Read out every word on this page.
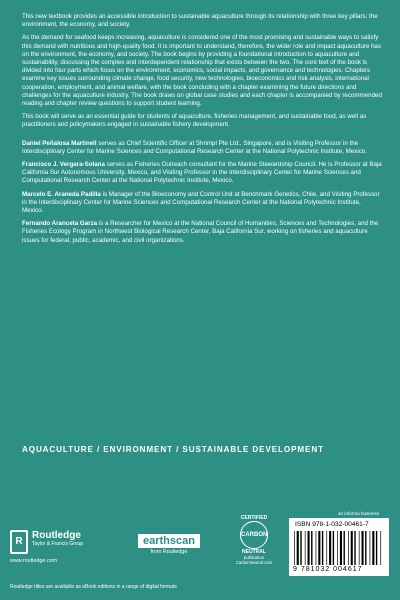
This new textbook provides an accessible introduction to sustainable aquaculture through its relationship with three key pillars: the environment, the economy, and society.

As the demand for seafood keeps increasing, aquaculture is considered one of the most promising and sustainable ways to satisfy this demand with nutritious and high-quality food. It is important to understand, therefore, the wider role and impact aquaculture has on the environment, the economy, and society. The book begins by providing a foundational introduction to aquaculture and sustainability, discussing the complex and interdependent relationship that exists between the two. The core text of the book is divided into four parts which focus on the environment, economics, social impacts, and governance and technologies. Chapters examine key issues surrounding climate change, food security, new technologies, bioeconomics and risk analysis, international cooperation, employment, and animal welfare, with the book concluding with a chapter examining the future directions and challenges for the aquaculture industry. The book draws on global case studies and each chapter is accompanied by recommended reading and chapter review questions to support student learning.

This book will serve as an essential guide for students of aquaculture, fisheries management, and sustainable food, as well as practitioners and policymakers engaged in sustainable fishery development.

Daniel Peñalosa Martinell serves as Chief Scientific Officer at Shrimpl Pte Ltd., Singapore, and is Visiting Professor in the Interdisciplinary Center for Marine Sciences and Computational Research Center at the National Polytechnic Institute, Mexico.
Francisco J. Vergara-Solana serves as Fisheries Outreach consultant for the Marine Stewardship Council. He is Professor at Baja California Sur Autonomous University, Mexico, and Visiting Professor in the Interdisciplinary Center for Marine Sciences and Computational Research Center at the National Polytechnic Institute, Mexico.
Marcelo E. Araneda Padilla is Manager of the Bioeconomy and Control Unit at Benchmark Genetics, Chile, and Visiting Professor in the Interdisciplinary Center for Marine Sciences and Computational Research Center at the National Polytechnic Institute, Mexico.
Fernando Aranceta Garza is a Researcher for Mexico at the National Council of Humanities, Sciences and Technologies, and the Fisheries Ecology Program in Northwest Biological Research Center, Baja California Sur, working on fisheries and aquaculture issues for federal, public, academic, and civil organizations.
AQUACULTURE / ENVIRONMENT / SUSTAINABLE DEVELOPMENT
R
Routledge
Taylor & Francis Group
www.routledge.com
earthscan
from Routledge
CERTIFIED
CARBON
NEUTRAL
publication
CarbonNeutral.com
an informa business
ISBN 978-1-032-00461-7
9 781032 004617
Routledge titles are available as eBook editions in a range of digital formats
